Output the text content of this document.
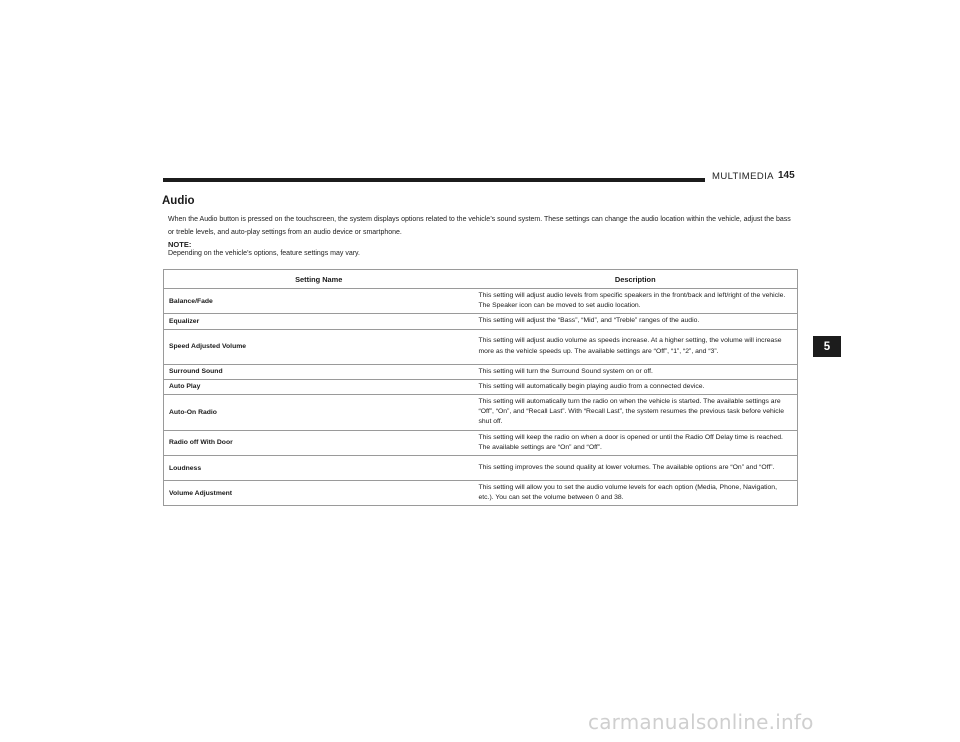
MULTIMEDIA 145
Audio
When the Audio button is pressed on the touchscreen, the system displays options related to the vehicle’s sound system. These settings can change the audio location within the vehicle, adjust the bass or treble levels, and auto-play settings from an audio device or smartphone.
NOTE:
Depending on the vehicle’s options, feature settings may vary.
Setting Name	Description
Balance/Fade	This setting will adjust audio levels from specific speakers in the front/back and left/right of the vehicle. The Speaker icon can be moved to set audio location.
Equalizer	This setting will adjust the “Bass”, “Mid”, and “Treble” ranges of the audio.
Speed Adjusted Volume	This setting will adjust audio volume as speeds increase. At a higher setting, the volume will increase more as the vehicle speeds up. The available settings are “Off”, “1”, “2”, and “3”.
Surround Sound	This setting will turn the Surround Sound system on or off.
Auto Play	This setting will automatically begin playing audio from a connected device.
Auto-On Radio	This setting will automatically turn the radio on when the vehicle is started. The available settings are “Off”, “On”, and “Recall Last”. With “Recall Last”, the system resumes the previous task before vehicle shut off.
Radio off With Door	This setting will keep the radio on when a door is opened or until the Radio Off Delay time is reached. The available settings are “On” and “Off”.
Loudness	This setting improves the sound quality at lower volumes. The available options are “On” and “Off”.
Volume Adjustment	This setting will allow you to set the audio volume levels for each option (Media, Phone, Navigation, etc.). You can set the volume between 0 and 38.
5
carmanualsonline.info
